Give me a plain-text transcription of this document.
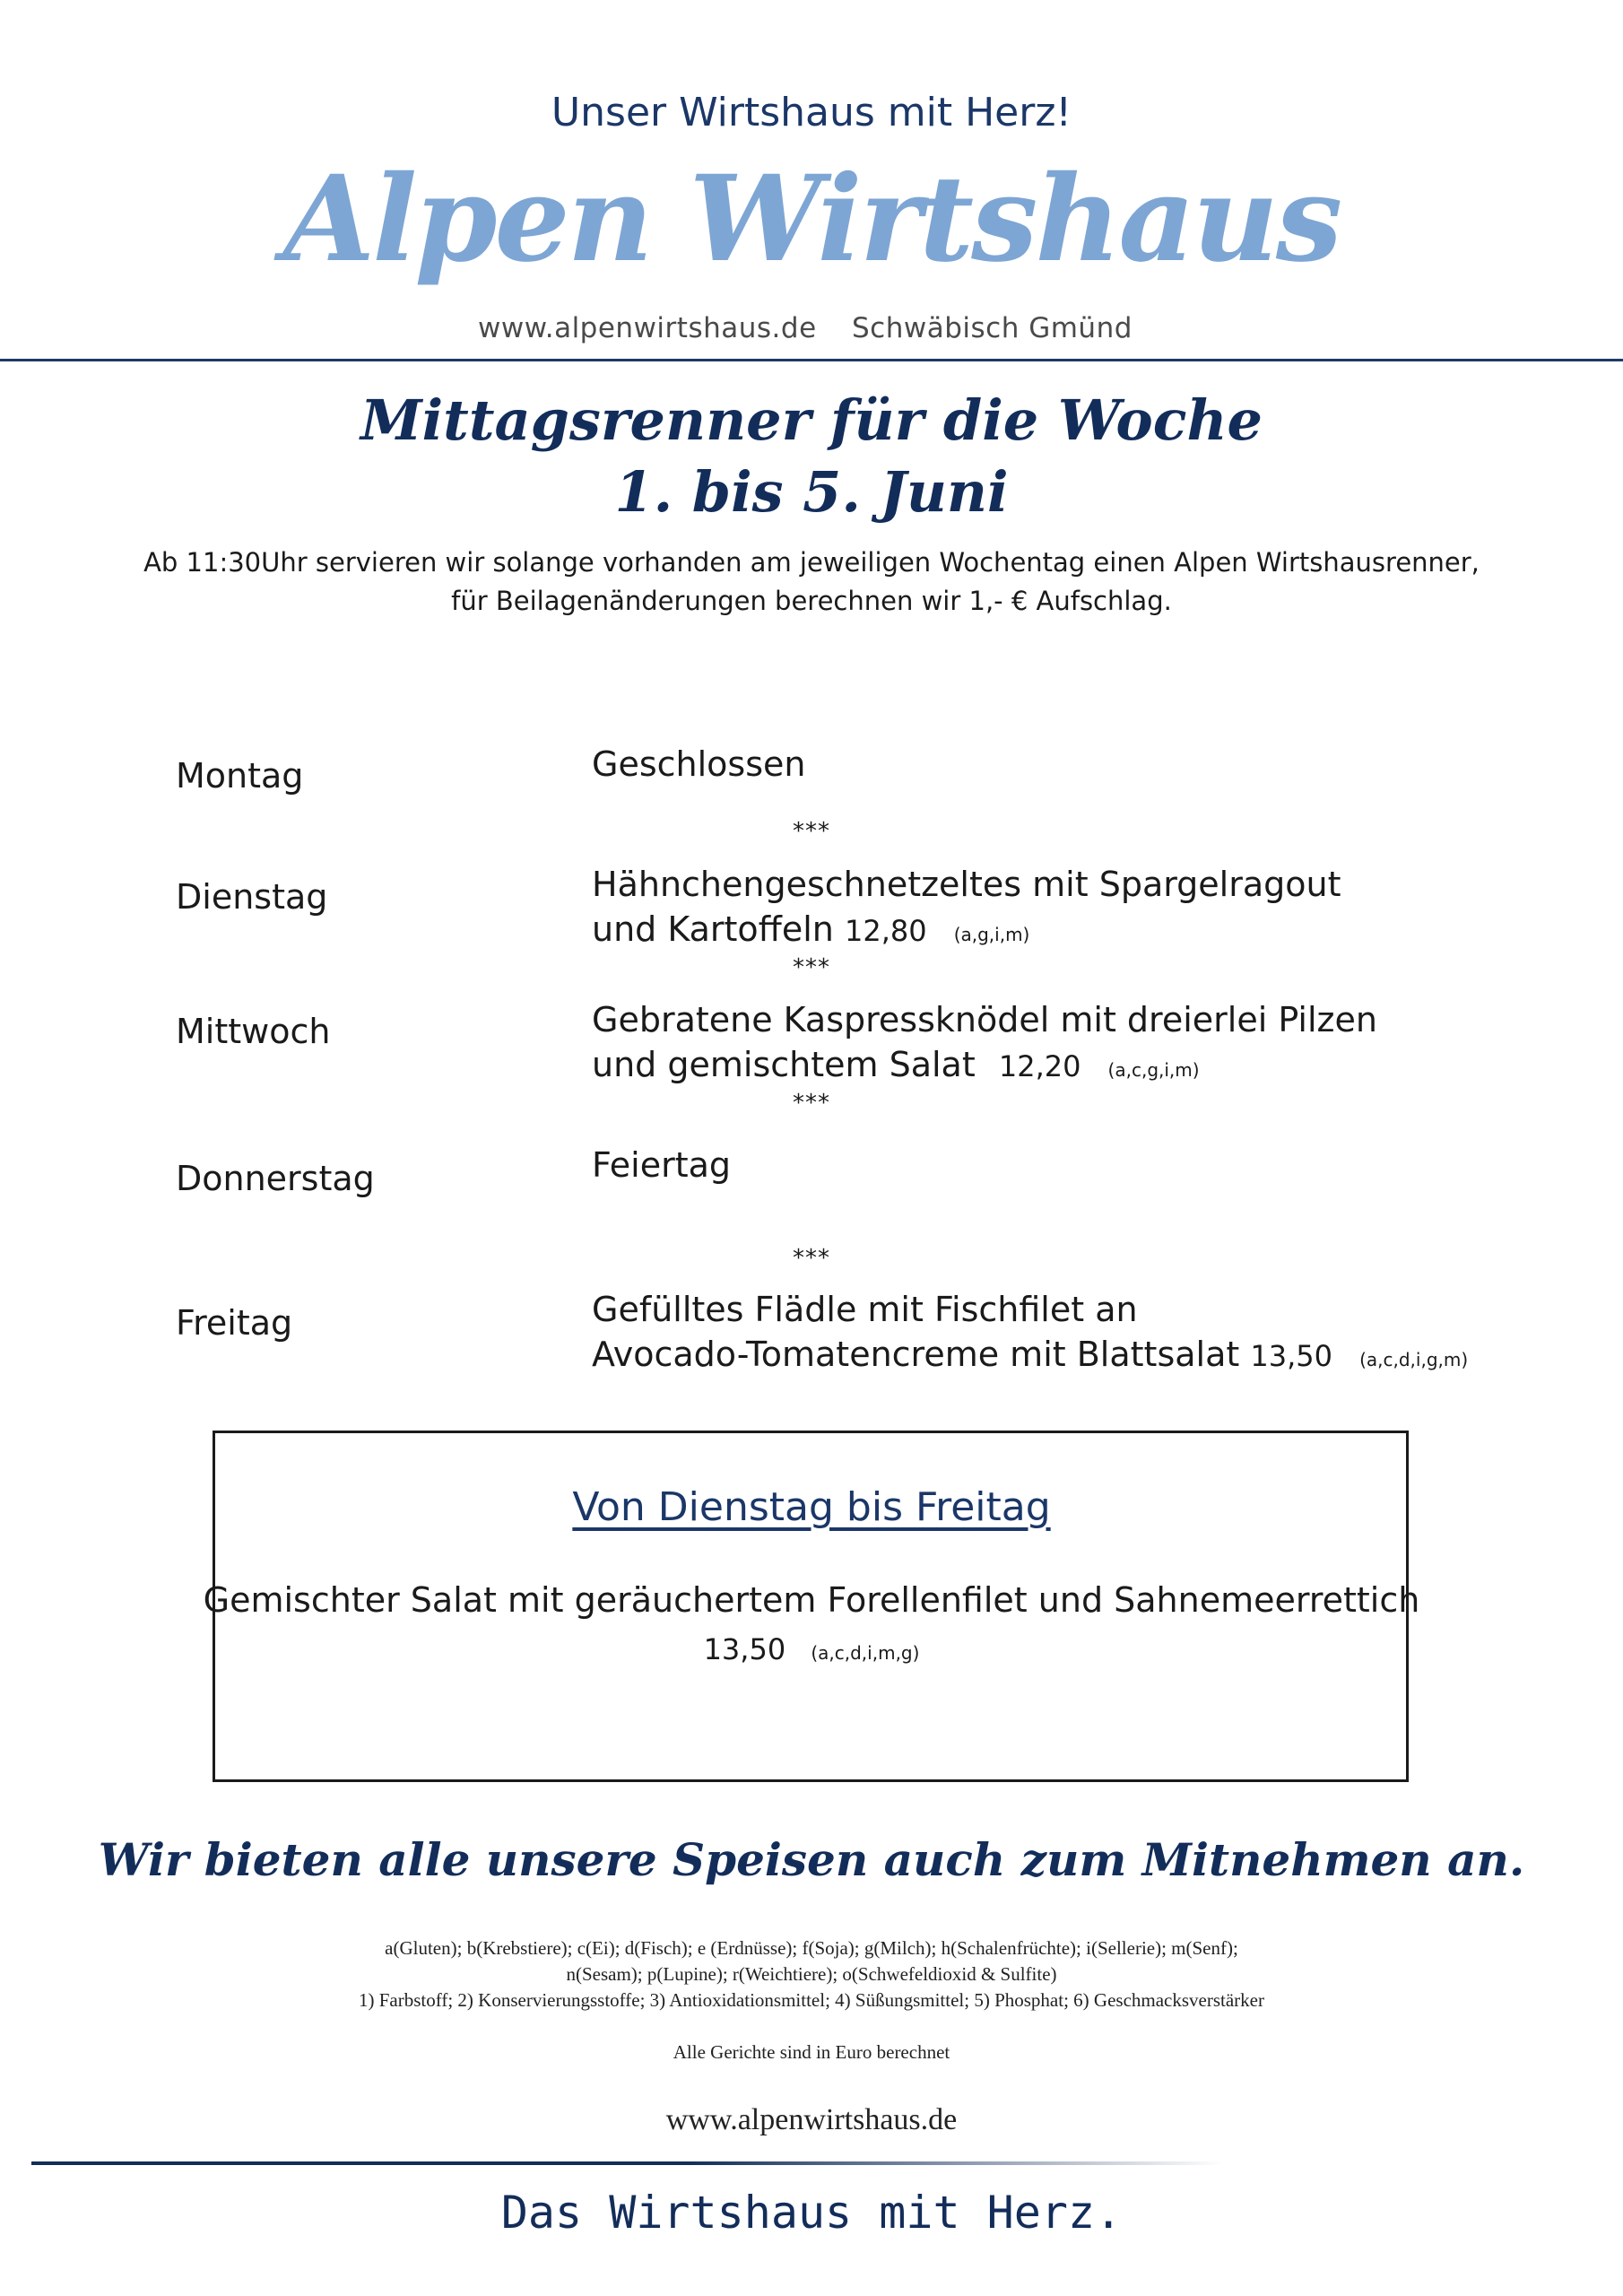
Unser Wirtshaus mit Herz!
Alpen Wirtshaus
www.alpenwirtshaus.de Schwäbisch Gmünd
Mittagsrenner für die Woche
1. bis 5. Juni
Ab 11:30Uhr servieren wir solange vorhanden am jeweiligen Wochentag einen Alpen Wirtshausrenner,
für Beilagenänderungen berechnen wir 1,- € Aufschlag.
Montag	Geschlossen
***
Dienstag	Hähnchengeschnetzeltes mit Spargelragout
und Kartoffeln 12,80 (a,g,i,m)
***
Mittwoch	Gebratene Kaspressknödel mit dreierlei Pilzen
und gemischtem Salat 12,20 (a,c,g,i,m)
***
Donnerstag	Feiertag
***
Freitag	Gefülltes Flädle mit Fischfilet an
Avocado-Tomatencreme mit Blattsalat 13,50 (a,c,d,i,g,m)
Von Dienstag bis Freitag
Gemischter Salat mit geräuchertem Forellenfilet und Sahnemeerrettich
13,50 (a,c,d,i,m,g)
Wir bieten alle unsere Speisen auch zum Mitnehmen an.
a(Gluten); b(Krebstiere); c(Ei); d(Fisch); e (Erdnüsse); f(Soja); g(Milch); h(Schalenfrüchte); i(Sellerie); m(Senf);
n(Sesam); p(Lupine); r(Weichtiere); o(Schwefeldioxid & Sulfite)
1) Farbstoff; 2) Konservierungsstoffe; 3) Antioxidationsmittel; 4) Süßungsmittel; 5) Phosphat; 6) Geschmacksverstärker
Alle Gerichte sind in Euro berechnet
www.alpenwirtshaus.de
Das Wirtshaus mit Herz.
